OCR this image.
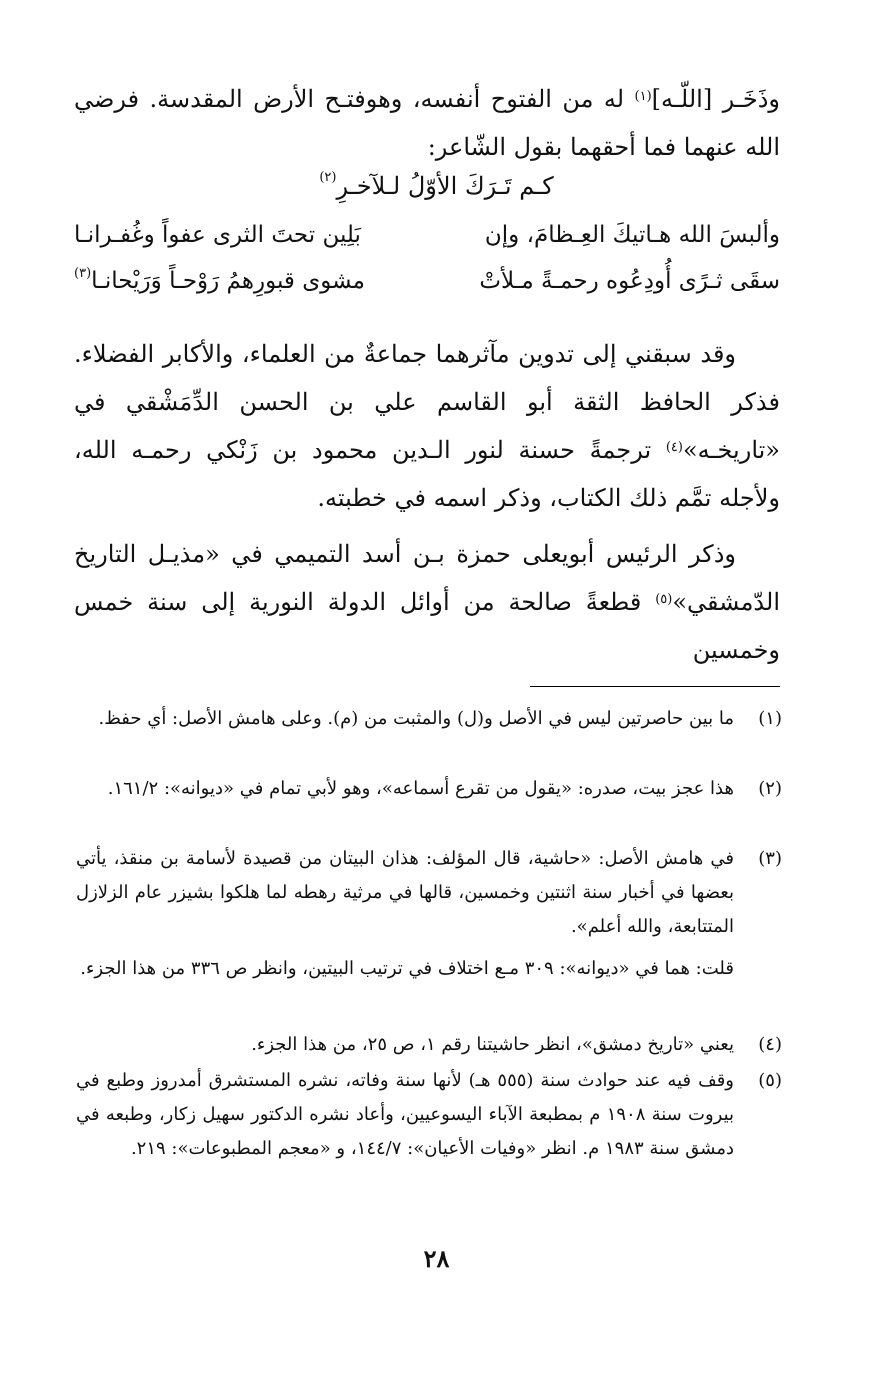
وذَخَـر [اللّـه]$^{(١)}$ له من الفتوح أنفسه، وهوفتـح الأرض المقدسة. فرضي الله عنهما فما أحقهما بقول الشّاعر:
كـم تَـرَكَ الأوّلُ لـلآخـرِ$^{(٢)}$
وألبسَ الله هـاتيكَ العِـظامَ، وإن
بَلِين تحتَ الثرى عفواً وغُفـرانـا
سقَى ثـرًى أُودِعُوه رحمـةً مـلأتْ
مشوى قبورِهمُ رَوْحـاً وَرَيْحانـا$^{(٣)}$
وقد سبقني إلى تدوين مآثرهما جماعةٌ من العلماء، والأكابر الفضلاء. فذكر الحافظ الثقة أبو القاسم علي بن الحسن الدِّمَشْقي في «تاريخـه»$^{(٤)}$ ترجمةً حسنة لنور الـدين محمود بن زَنْكي رحمـه الله، ولأجله تمَّم ذلك الكتاب، وذكر اسمه في خطبته.
وذكر الرئيس أبويعلى حمزة بـن أسد التميمي في «مذيـل التاريخ الدّمشقي»$^{(٥)}$ قطعةً صالحة من أوائل الدولة النورية إلى سنة خمس وخمسين
(١)
ما بين حاصرتين ليس في الأصل و(ل) والمثبت من (م). وعلى هامش الأصل: أي حفظ.
(٢)
هذا عجز بيت، صدره: «يقول من تقرع أسماعه»، وهو لأبي تمام في «ديوانه»: ١٦١/٢.
(٣)
في هامش الأصل: «حاشية، قال المؤلف: هذان البيتان من قصيدة لأسامة بن منقذ، يأتي بعضها في أخبار سنة اثنتين وخمسين، قالها في مرثية رهطه لما هلكوا بشيزر عام الزلازل المتتابعة، والله أعلم».
قلت: هما في «ديوانه»: ٣٠٩ مـع اختلاف في ترتيب البيتين، وانظر ص ٣٣٦ من هذا الجزء.
(٤)
يعني «تاريخ دمشق»، انظر حاشيتنا رقم ١، ص ٢٥، من هذا الجزء.
(٥)
وقف فيه عند حوادث سنة (٥٥٥ هـ) لأنها سنة وفاته، نشره المستشرق أمدروز وطبع في بيروت سنة ١٩٠٨ م بمطبعة الآباء اليسوعيين، وأعاد نشره الدكتور سهيل زكار، وطبعه في دمشق سنة ١٩٨٣ م. انظر «وفيات الأعيان»: ١٤٤/٧، و «معجم المطبوعات»: ٢١٩.
٢٨
